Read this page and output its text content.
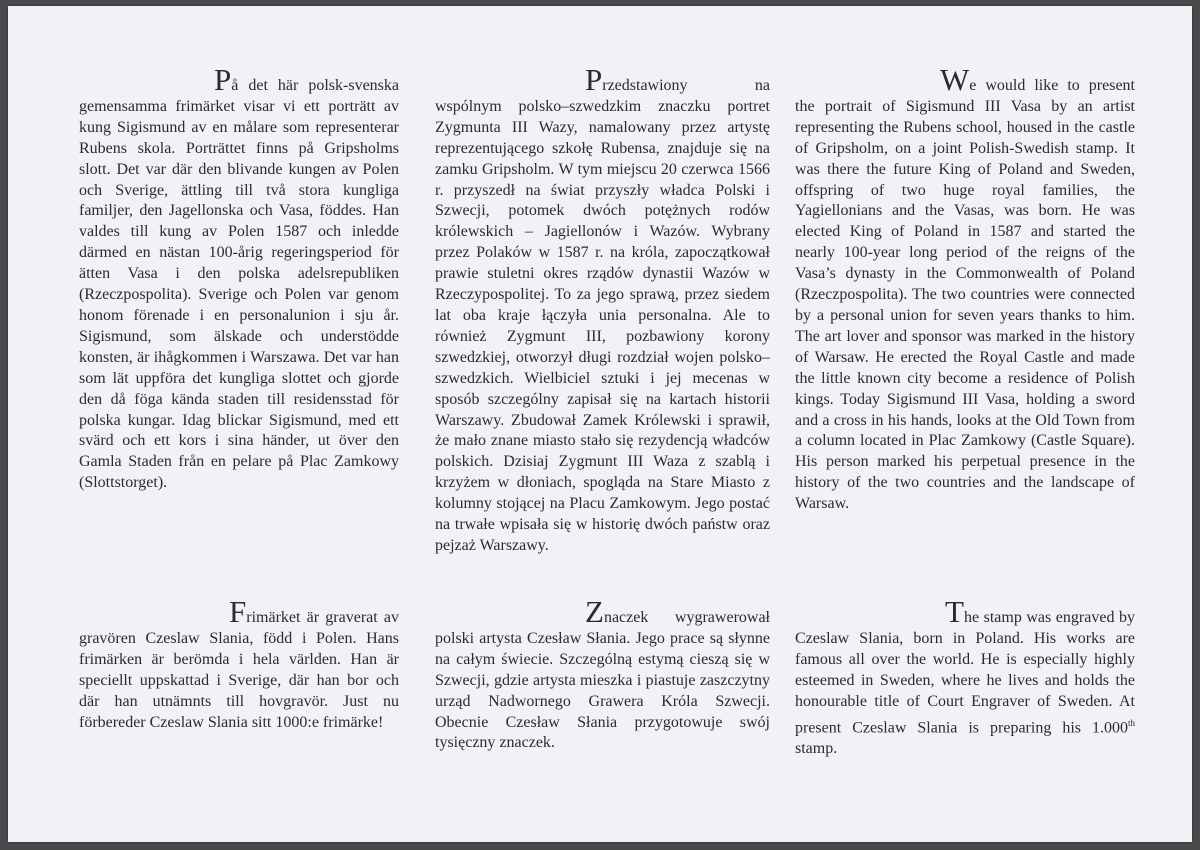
På det här polsk-svenska gemensamma frimärket visar vi ett porträtt av kung Sigismund av en målare som representerar Rubens skola. Porträttet finns på Gripsholms slott. Det var där den blivande kungen av Polen och Sverige, ättling till två stora kungliga familjer, den Jagellonska och Vasa, föddes. Han valdes till kung av Polen 1587 och inledde därmed en nästan 100-årig regeringsperiod för ätten Vasa i den polska adelsrepubliken (Rzeczpospolita). Sverige och Polen var genom honom förenade i en personalunion i sju år. Sigismund, som älskade och understödde konsten, är ihågkommen i Warszawa. Det var han som lät uppföra det kungliga slottet och gjorde den då föga kända staden till residensstad för polska kungar. Idag blickar Sigismund, med ett svärd och ett kors i sina händer, ut över den Gamla Staden från en pelare på Plac Zamkowy (Slottstorget).

Przedstawiony na wspólnym polsko–szwedzkim znaczku portret Zygmunta III Wazy, namalowany przez artystę reprezentującego szkołę Rubensa, znajduje się na zamku Gripsholm. W tym miejscu 20 czerwca 1566 r. przyszedł na świat przyszły władca Polski i Szwecji, potomek dwóch potężnych rodów królewskich – Jagiellonów i Wazów. Wybrany przez Polaków w 1587 r. na króla, zapoczątkował prawie stuletni okres rządów dynastii Wazów w Rzeczypospolitej. To za jego sprawą, przez siedem lat oba kraje łączyła unia personalna. Ale to również Zygmunt III, pozbawiony korony szwedzkiej, otworzył długi rozdział wojen polsko–szwedzkich. Wielbiciel sztuki i jej mecenas w sposób szczególny zapisał się na kartach historii Warszawy. Zbudował Zamek Królewski i sprawił, że mało znane miasto stało się rezydencją władców polskich. Dzisiaj Zygmunt III Waza z szablą i krzyżem w dłoniach, spogląda na Stare Miasto z kolumny stojącej na Placu Zamkowym. Jego postać na trwałe wpisała się w historię dwóch państw oraz pejzaż Warszawy.

We would like to present the portrait of Sigismund III Vasa by an artist representing the Rubens school, housed in the castle of Gripsholm, on a joint Polish-Swedish stamp. It was there the future King of Poland and Sweden, offspring of two huge royal families, the Yagiellonians and the Vasas, was born. He was elected King of Poland in 1587 and started the nearly 100-year long period of the reigns of the Vasa’s dynasty in the Commonwealth of Poland (Rzeczpospolita). The two countries were connected by a personal union for seven years thanks to him. The art lover and sponsor was marked in the history of Warsaw. He erected the Royal Castle and made the little known city become a residence of Polish kings. Today Sigismund III Vasa, holding a sword and a cross in his hands, looks at the Old Town from a column located in Plac Zamkowy (Castle Square). His person marked his perpetual presence in the history of the two countries and the landscape of Warsaw.

Frimärket är graverat av gravören Czeslaw Slania, född i Polen. Hans frimärken är berömda i hela världen. Han är speciellt uppskattad i Sverige, där han bor och där han utnämnts till hovgravör. Just nu förbereder Czeslaw Slania sitt 1000:e frimärke!

Znaczek wygrawerował polski artysta Czesław Słania. Jego prace są słynne na całym świecie. Szczególną estymą cieszą się w Szwecji, gdzie artysta mieszka i piastuje zaszczytny urząd Nadwornego Grawera Króla Szwecji. Obecnie Czesław Słania przygotowuje swój tysięczny znaczek.

The stamp was engraved by Czeslaw Slania, born in Poland. His works are famous all over the world. He is especially highly esteemed in Sweden, where he lives and holds the honourable title of Court Engraver of Sweden. At present Czeslaw Slania is preparing his 1.000th stamp.
